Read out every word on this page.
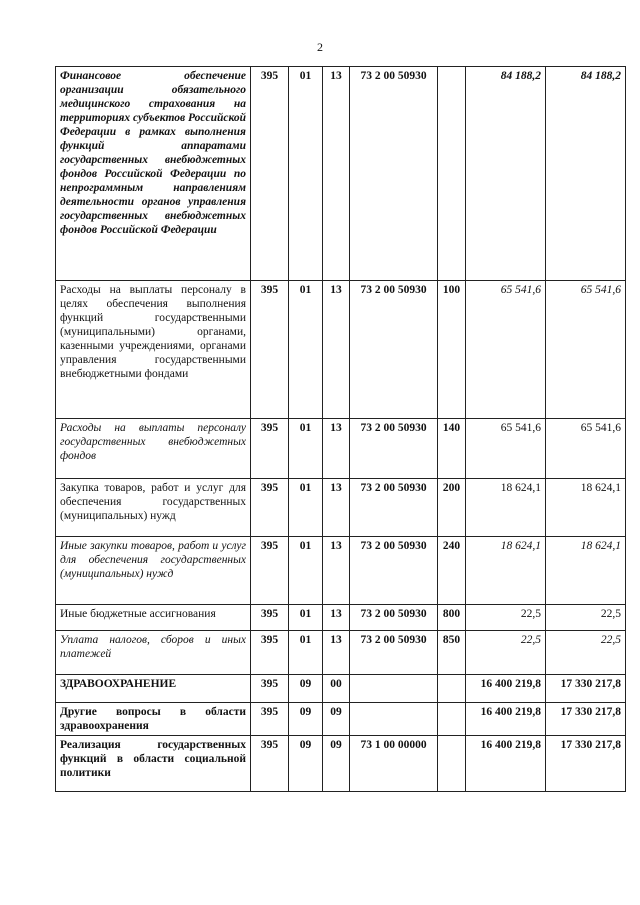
2
Финансовое обеспечение организации обязательного медицинского страхования на территориях субъектов Российской Федерации в рамках выполнения функций аппаратами государственных внебюджетных фондов Российской Федерации по непрограммным направлениям деятельности органов управления государственных внебюджетных фондов Российской Федерации	395	01	13	73 2 00 50930		84 188,2	84 188,2
Расходы на выплаты персоналу в целях обеспечения выполнения функций государственными (муниципальными) органами, казенными учреждениями, органами управления государственными внебюджетными фондами	395	01	13	73 2 00 50930	100	65 541,6	65 541,6
Расходы на выплаты персоналу государственных внебюджетных фондов	395	01	13	73 2 00 50930	140	65 541,6	65 541,6
Закупка товаров, работ и услуг для обеспечения государственных (муниципальных) нужд	395	01	13	73 2 00 50930	200	18 624,1	18 624,1
Иные закупки товаров, работ и услуг для обеспечения государственных (муниципальных) нужд	395	01	13	73 2 00 50930	240	18 624,1	18 624,1
Иные бюджетные ассигнования	395	01	13	73 2 00 50930	800	22,5	22,5
Уплата налогов, сборов и иных платежей	395	01	13	73 2 00 50930	850	22,5	22,5
ЗДРАВООХРАНЕНИЕ	395	09	00			16 400 219,8	17 330 217,8
Другие вопросы в области здравоохранения	395	09	09			16 400 219,8	17 330 217,8
Реализация государственных функций в области социальной политики	395	09	09	73 1 00 00000		16 400 219,8	17 330 217,8
